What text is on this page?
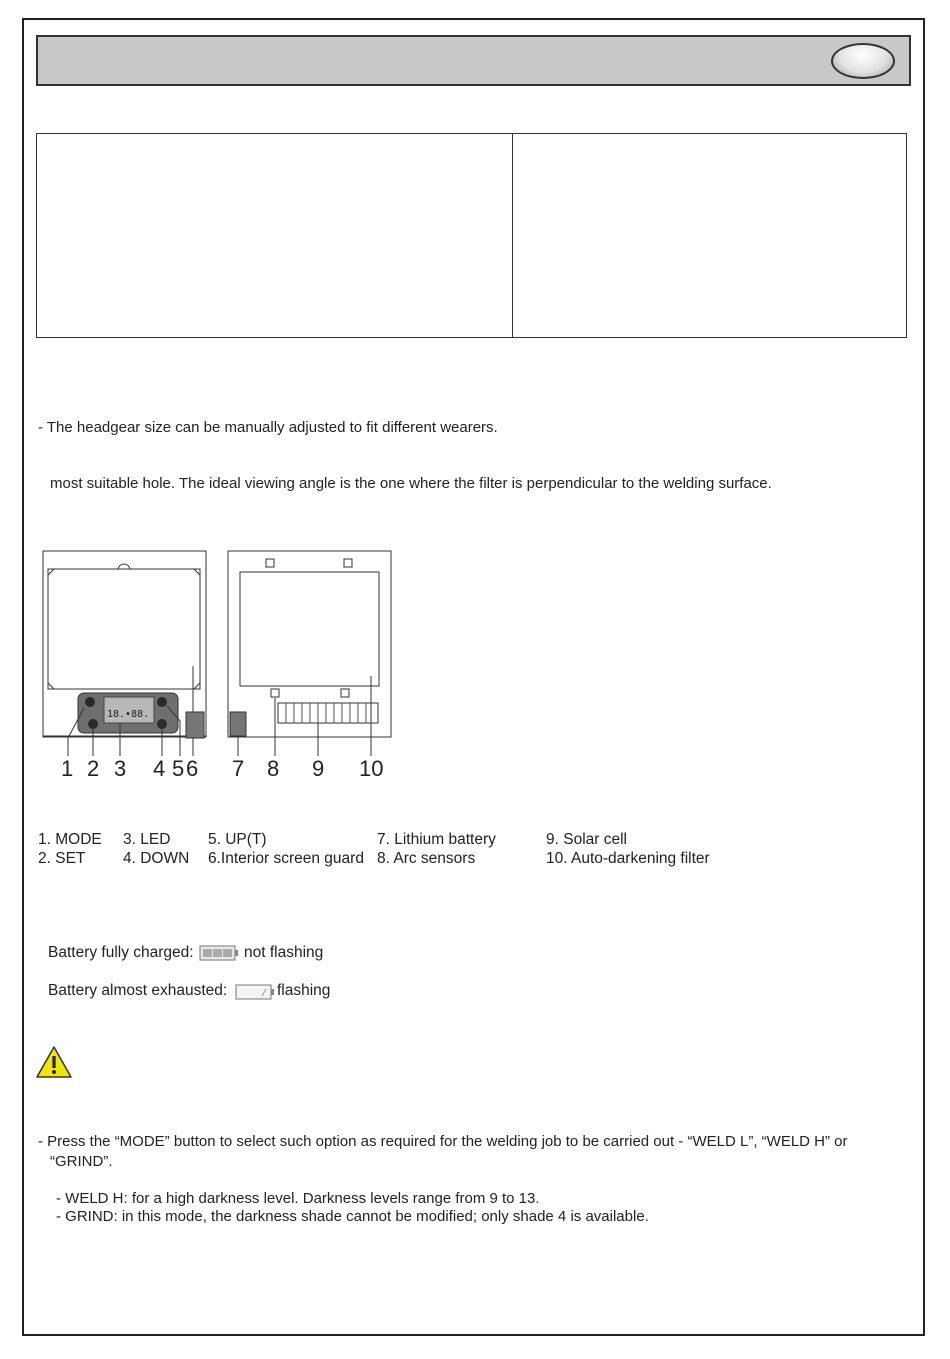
- The headgear size can be manually adjusted to fit different wearers.
most suitable hole. The ideal viewing angle is the one where the filter is perpendicular to the welding surface.
18.•88.
1 2 3 4 5 6 7 8 9 10
1. MODE
2. SET
3. LED
4. DOWN
5. UP(T)
6.Interior screen guard
7. Lithium battery
8. Arc sensors
9. Solar cell
10. Auto-darkening filter
Battery fully charged:	not flashing
Battery almost exhausted:	flashing
- Press the “MODE” button to select such option as required for the welding job to be carried out - “WELD L”, “WELD H” or
“GRIND”.
- WELD H: for a high darkness level. Darkness levels range from 9 to 13.
- GRIND: in this mode, the darkness shade cannot be modified; only shade 4 is available.
